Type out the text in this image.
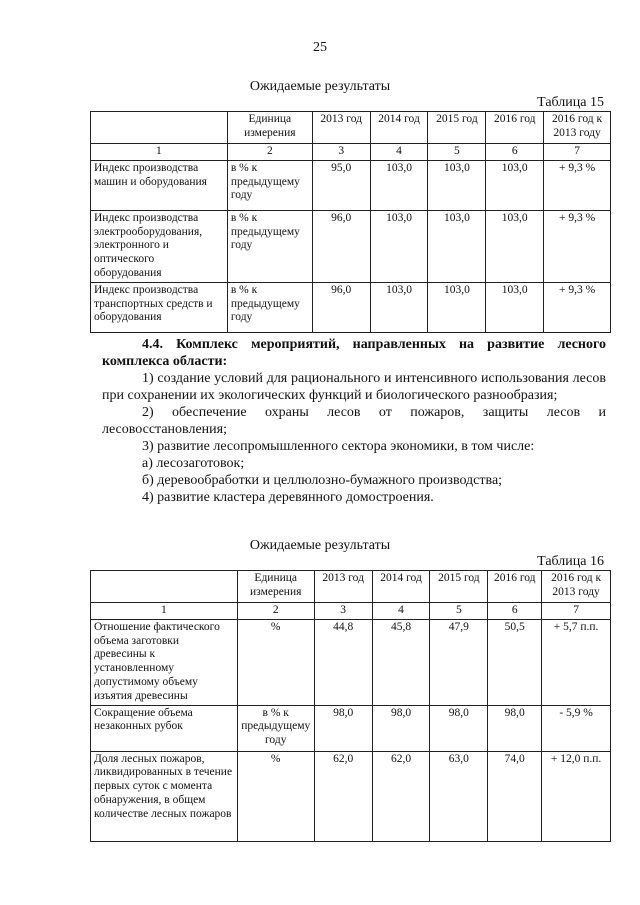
25
Ожидаемые результаты
Таблица 15
	Единица измерения	2013 год	2014 год	2015 год	2016 год	2016 год к 2013 году
1	2	3	4	5	6	7
Индекс производства машин и оборудования	в % к предыдущему году	95,0	103,0	103,0	103,0	+ 9,3 %
Индекс производства электрооборудования, электронного и оптического оборудования	в % к предыдущему году	96,0	103,0	103,0	103,0	+ 9,3 %
Индекс производства транспортных средств и оборудования	в % к предыдущему году	96,0	103,0	103,0	103,0	+ 9,3 %
4.4. Комплекс мероприятий, направленных на развитие лесного комплекса области:

1) создание условий для рационального и интенсивного использования лесов при сохранении их экологических функций и биологического разнообразия;

2) обеспечение охраны лесов от пожаров, защиты лесов и лесовосстановления;

3) развитие лесопромышленного сектора экономики, в том числе:

а) лесозаготовок;

б) деревообработки и целлюлозно-бумажного производства;

4) развитие кластера деревянного домостроения.

Ожидаемые результаты
Таблица 16
	Единица измерения	2013 год	2014 год	2015 год	2016 год	2016 год к 2013 году
1	2	3	4	5	6	7
Отношение фактического объема заготовки древесины к установленному допустимому объему изъятия древесины	%	44,8	45,8	47,9	50,5	+ 5,7 п.п.
Сокращение объема незаконных рубок	в % к предыдущему году	98,0	98,0	98,0	98,0	- 5,9 %
Доля лесных пожаров, ликвидированных в течение первых суток с момента обнаружения, в общем количестве лесных пожаров	%	62,0	62,0	63,0	74,0	+ 12,0 п.п.
